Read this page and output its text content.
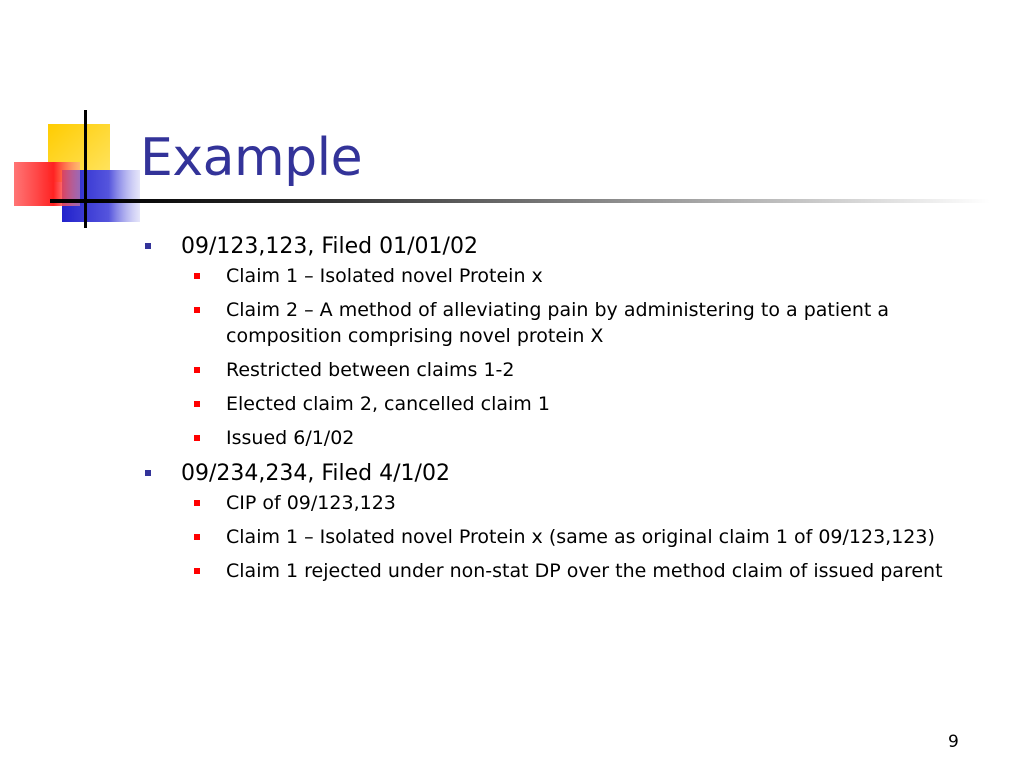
Example
09/123,123, Filed 01/01/02
Claim 1 – Isolated novel Protein x
Claim 2 – A method of alleviating pain by administering to a patient a composition comprising novel protein X
Restricted between claims 1-2
Elected claim 2, cancelled claim 1
Issued 6/1/02
09/234,234, Filed 4/1/02
CIP of 09/123,123
Claim 1 – Isolated novel Protein x (same as original claim 1 of 09/123,123)
Claim 1 rejected under non-stat DP over the method claim of issued parent
9
